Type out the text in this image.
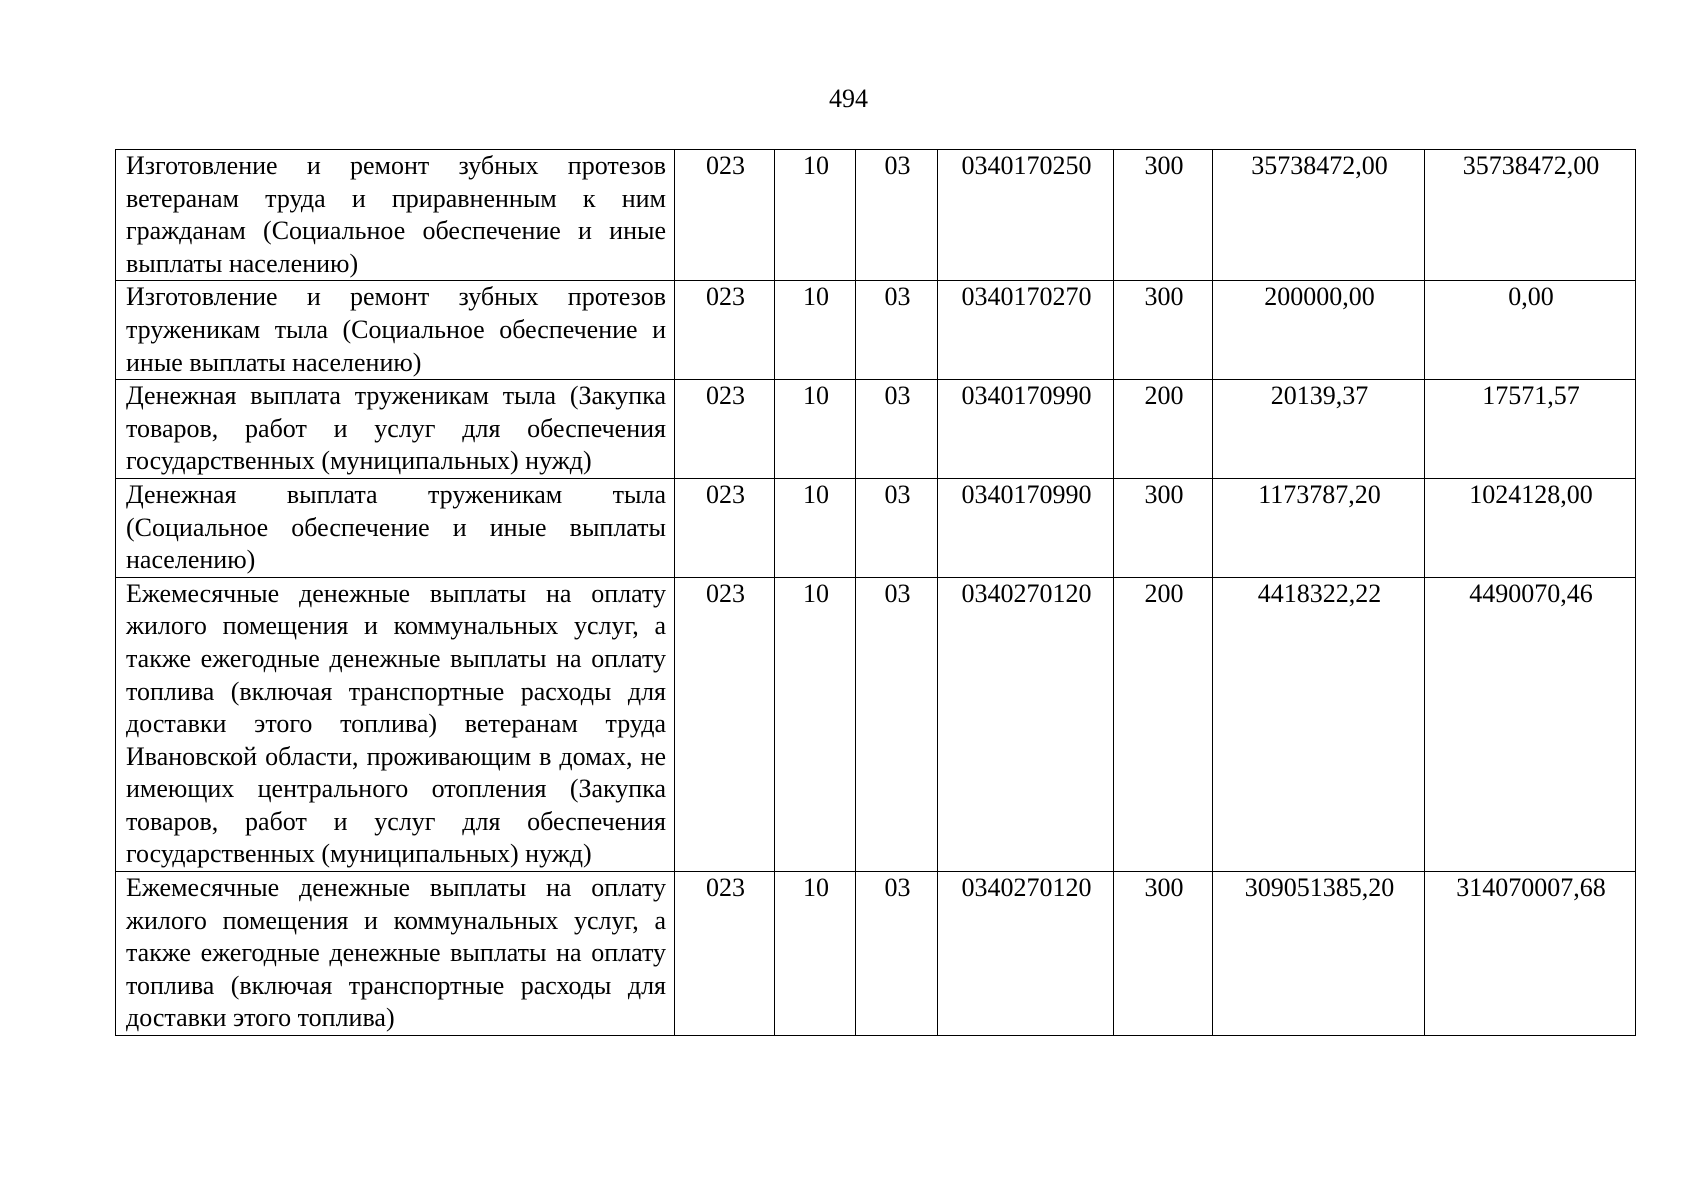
494
Изготовление и ремонт зубных протезов ветеранам труда и приравненным к ним гражданам (Социальное обеспечение и иные выплаты населению)	023	10	03	0340170250	300	35738472,00	35738472,00
Изготовление и ремонт зубных протезов труженикам тыла (Социальное обеспечение и иные выплаты населению)	023	10	03	0340170270	300	200000,00	0,00
Денежная выплата труженикам тыла (Закупка товаров, работ и услуг для обеспечения государственных (муниципальных) нужд)	023	10	03	0340170990	200	20139,37	17571,57
Денежная выплата труженикам тыла (Социальное обеспечение и иные выплаты населению)	023	10	03	0340170990	300	1173787,20	1024128,00
Ежемесячные денежные выплаты на оплату жилого помещения и коммунальных услуг, а также ежегодные денежные выплаты на оплату топлива (включая транспортные расходы для доставки этого топлива) ветеранам труда Ивановской области, проживающим в домах, не имеющих центрального отопления (Закупка товаров, работ и услуг для обеспечения государственных (муниципальных) нужд)	023	10	03	0340270120	200	4418322,22	4490070,46
Ежемесячные денежные выплаты на оплату жилого помещения и коммунальных услуг, а также ежегодные денежные выплаты на оплату топлива (включая транспортные расходы для доставки этого топлива)	023	10	03	0340270120	300	309051385,20	314070007,68
